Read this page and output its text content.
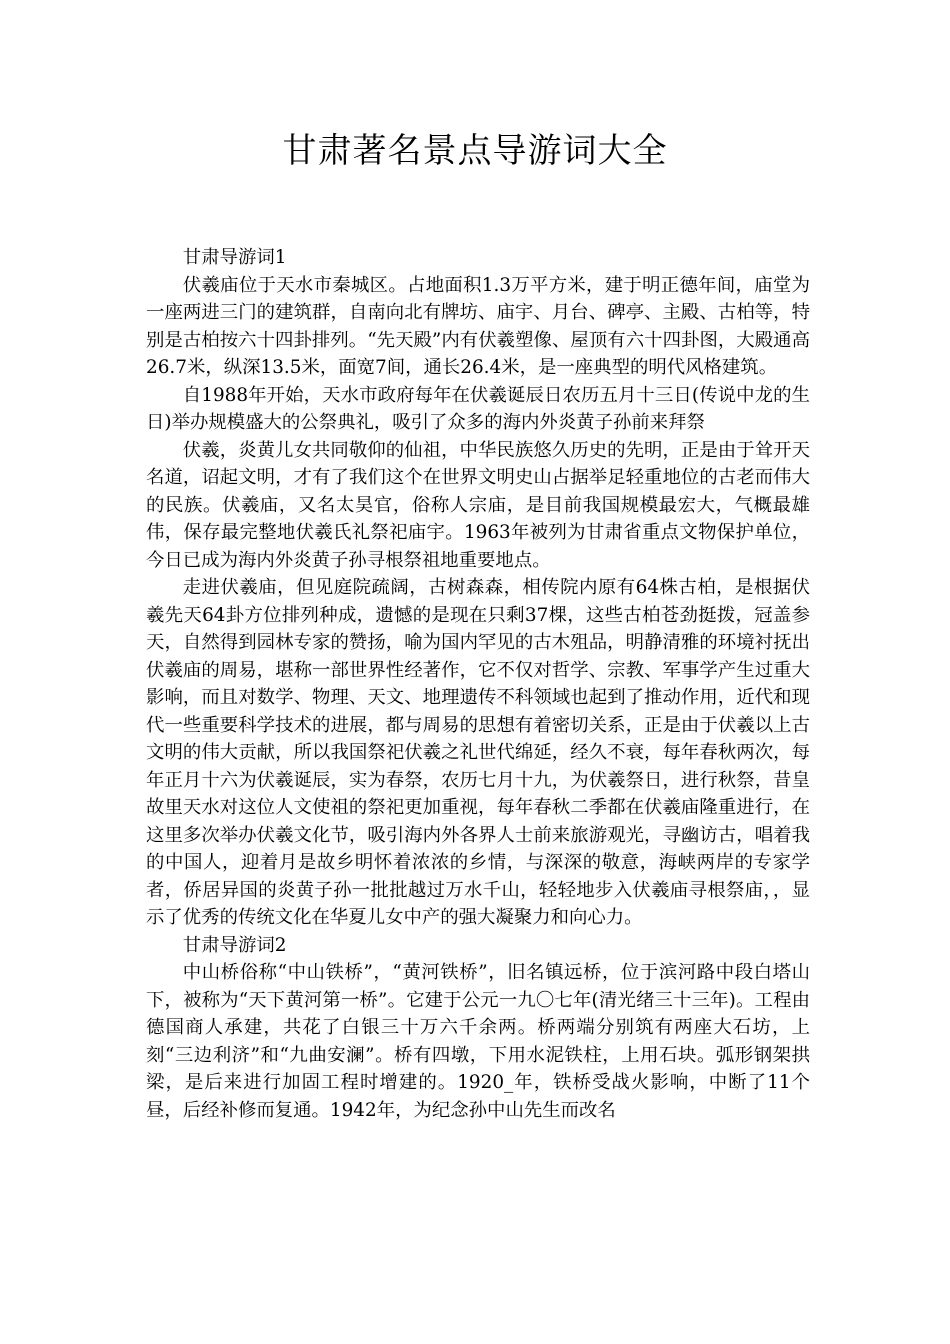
甘肃著名景点导游词大全

甘肃导游词1

伏羲庙位于天水市秦城区。占地面积1.3万平方米，建于明正德年间，庙堂为一座两进三门的建筑群，自南向北有牌坊、庙宇、月台、碑亭、主殿、古柏等，特别是古柏按六十四卦排列。“先天殿”内有伏羲塑像、屋顶有六十四卦图，大殿通高26.7米，纵深13.5米，面宽7间，通长26.4米，是一座典型的明代风格建筑。

自1988年开始，天水市政府每年在伏羲诞辰日农历五月十三日(传说中龙的生日)举办规模盛大的公祭典礼，吸引了众多的海内外炎黄子孙前来拜祭

伏羲，炎黄儿女共同敬仰的仙祖，中华民族悠久历史的先明，正是由于耸开天名道，诏起文明，才有了我们这个在世界文明史山占据举足轻重地位的古老而伟大的民族。伏羲庙，又名太昊官，俗称人宗庙，是目前我国规模最宏大，气概最雄伟，保存最完整地伏羲氏礼祭祀庙宇。1963年被列为甘肃省重点文物保护单位，今日已成为海内外炎黄子孙寻根祭祖地重要地点。

走进伏羲庙，但见庭院疏阔，古树森森，相传院内原有64株古柏，是根据伏羲先天64卦方位排列种成，遗憾的是现在只剩37棵，这些古柏苍劲挺拨，冠盖参天，自然得到园林专家的赞扬，喻为国内罕见的古木殂品，明静清雅的环境衬抚出伏羲庙的周易，堪称一部世界性经著作，它不仅对哲学、宗教、军事学产生过重大影响，而且对数学、物理、天文、地理遗传不科领域也起到了推动作用，近代和现代一些重要科学技术的进展，都与周易的思想有着密切关系，正是由于伏羲以上古文明的伟大贡献，所以我国祭祀伏羲之礼世代绵延，经久不衰，每年春秋两次，每年正月十六为伏羲诞辰，实为春祭，农历七月十九，为伏羲祭日，进行秋祭，昔皇故里天水对这位人文使祖的祭祀更加重视，每年春秋二季都在伏羲庙隆重进行，在这里多次举办伏羲文化节，吸引海内外各界人士前来旅游观光，寻幽访古，唱着我的中国人，迎着月是故乡明怀着浓浓的乡情，与深深的敬意，海峡两岸的专家学者，侨居异国的炎黄子孙一批批越过万水千山，轻轻地步入伏羲庙寻根祭庙，，显示了优秀的传统文化在华夏儿女中产的强大凝聚力和向心力。

甘肃导游词2

中山桥俗称“中山铁桥”，“黄河铁桥”，旧名镇远桥，位于滨河路中段白塔山下，被称为“天下黄河第一桥”。它建于公元一九〇七年(清光绪三十三年)。工程由德国商人承建，共花了白银三十万六千余两。桥两端分别筑有两座大石坊，上刻“三边利济”和“九曲安澜”。桥有四墩，下用水泥铁柱，上用石块。弧形钢架拱梁，是后来进行加固工程时增建的。1920_年，铁桥受战火影响，中断了11个昼，后经补修而复通。1942年，为纪念孙中山先生而改名
